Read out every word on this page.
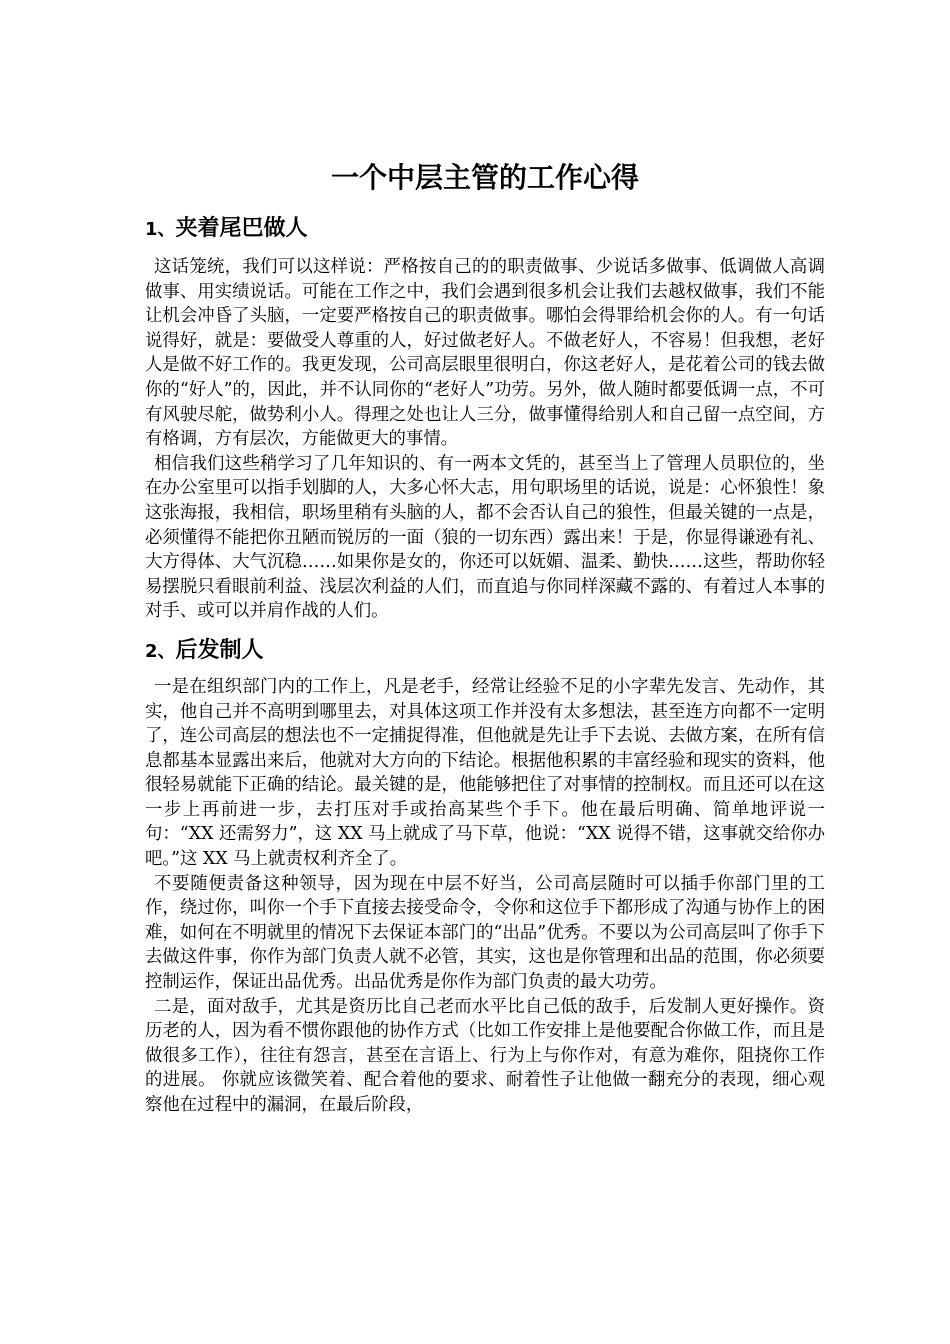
一个中层主管的工作心得
1、夹着尾巴做人

这话笼统，我们可以这样说：严格按自己的的职责做事、少说话多做事、低调做人高调做事、用实绩说话。可能在工作之中，我们会遇到很多机会让我们去越权做事，我们不能让机会冲昏了头脑，一定要严格按自己的职责做事。哪怕会得罪给机会你的人。有一句话说得好，就是：要做受人尊重的人，好过做老好人。不做老好人，不容易！但我想，老好人是做不好工作的。我更发现，公司高层眼里很明白，你这老好人，是花着公司的钱去做你的“好人”的，因此，并不认同你的“老好人”功劳。另外，做人随时都要低调一点，不可有风驶尽舵，做势利小人。得理之处也让人三分，做事懂得给别人和自己留一点空间，方有格调，方有层次，方能做更大的事情。

相信我们这些稍学习了几年知识的、有一两本文凭的，甚至当上了管理人员职位的，坐在办公室里可以指手划脚的人，大多心怀大志，用句职场里的话说，说是：心怀狼性！象这张海报，我相信，职场里稍有头脑的人，都不会否认自己的狼性，但最关键的一点是，必须懂得不能把你丑陋而锐厉的一面（狼的一切东西）露出来！于是，你显得谦逊有礼、大方得体、大气沉稳……如果你是女的，你还可以妩媚、温柔、勤快……这些，帮助你轻易摆脱只看眼前利益、浅层次利益的人们，而直追与你同样深藏不露的、有着过人本事的对手、或可以并肩作战的人们。

2、后发制人

一是在组织部门内的工作上，凡是老手，经常让经验不足的小字辈先发言、先动作，其实，他自己并不高明到哪里去，对具体这项工作并没有太多想法，甚至连方向都不一定明了，连公司高层的想法也不一定捕捉得准，但他就是先让手下去说、去做方案，在所有信息都基本显露出来后，他就对大方向的下结论。根据他积累的丰富经验和现实的资料，他很轻易就能下正确的结论。最关键的是，他能够把住了对事情的控制权。而且还可以在这一步上再前进一步，去打压对手或抬高某些个手下。他在最后明确、简单地评说一句：“XX 还需努力”，这 XX 马上就成了马下草，他说：“XX 说得不错，这事就交给你办吧。”这 XX 马上就责权利齐全了。

不要随便责备这种领导，因为现在中层不好当，公司高层随时可以插手你部门里的工作，绕过你，叫你一个手下直接去接受命令，令你和这位手下都形成了沟通与协作上的困难，如何在不明就里的情况下去保证本部门的“出品”优秀。不要以为公司高层叫了你手下去做这件事，你作为部门负责人就不必管，其实，这也是你管理和出品的范围，你必须要控制运作，保证出品优秀。出品优秀是你作为部门负责的最大功劳。

二是，面对敌手，尤其是资历比自己老而水平比自己低的敌手，后发制人更好操作。资历老的人，因为看不惯你跟他的协作方式（比如工作安排上是他要配合你做工作，而且是做很多工作），往往有怨言，甚至在言语上、行为上与你作对，有意为难你，阻挠你工作的进展。 你就应该微笑着、配合着他的要求、耐着性子让他做一翻充分的表现，细心观察他在过程中的漏洞，在最后阶段，
